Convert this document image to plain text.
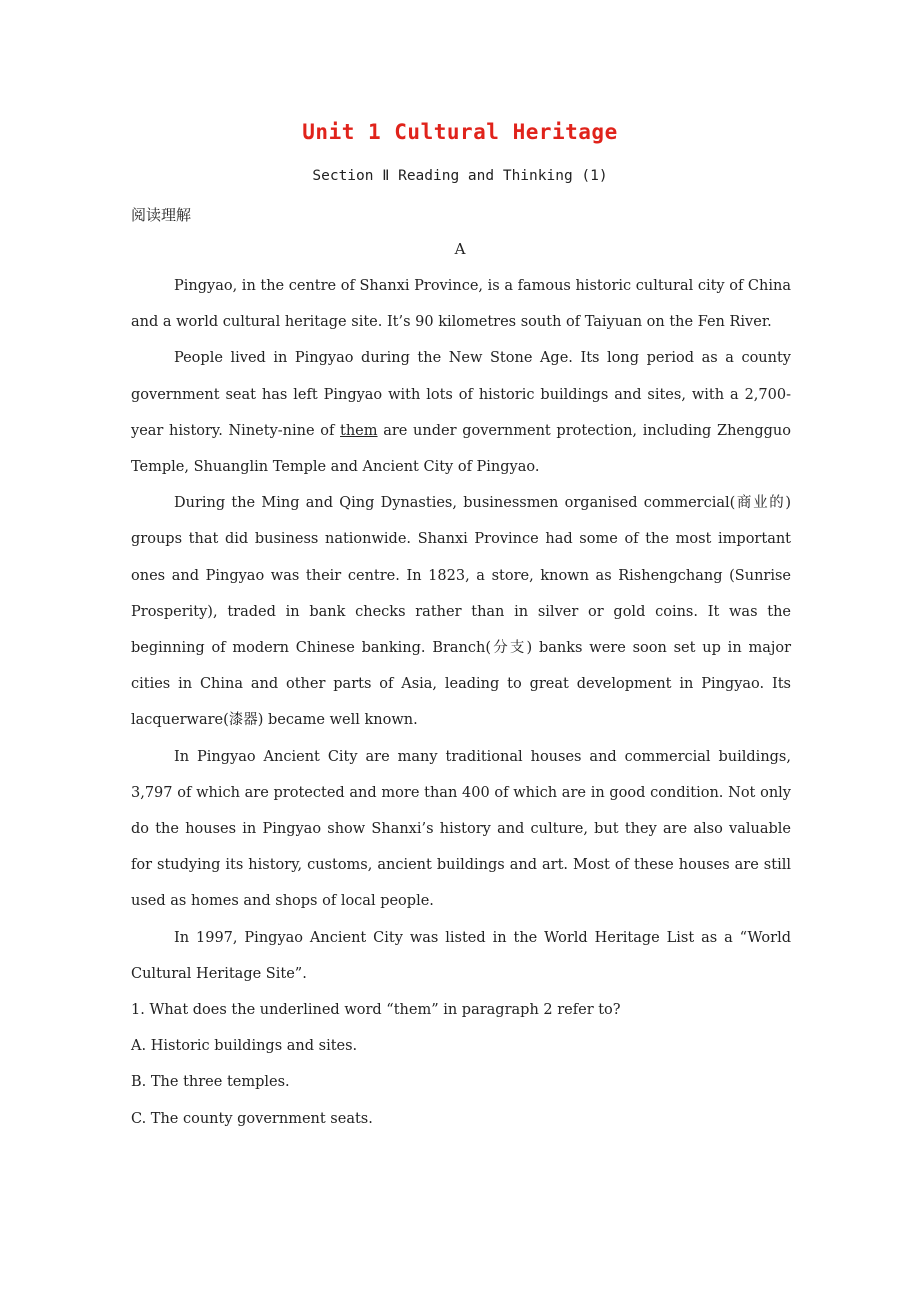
Unit 1 Cultural Heritage
Section Ⅱ Reading and Thinking (1)
阅读理解
A

Pingyao, in the centre of Shanxi Province, is a famous historic cultural city of China and a world cultural heritage site. It’s 90 kilometres south of Taiyuan on the Fen River.

People lived in Pingyao during the New Stone Age. Its long period as a county government seat has left Pingyao with lots of historic buildings and sites, with a 2,700-year history. Ninety-nine of them are under government protection, including Zhengguo Temple, Shuanglin Temple and Ancient City of Pingyao.

During the Ming and Qing Dynasties, businessmen organised commercial(商业的) groups that did business nationwide. Shanxi Province had some of the most important ones and Pingyao was their centre. In 1823, a store, known as Rishengchang (Sunrise Prosperity), traded in bank checks rather than in silver or gold coins. It was the beginning of modern Chinese banking. Branch(分支) banks were soon set up in major cities in China and other parts of Asia, leading to great development in Pingyao. Its lacquerware(漆器) became well known.

In Pingyao Ancient City are many traditional houses and commercial buildings, 3,797 of which are protected and more than 400 of which are in good condition. Not only do the houses in Pingyao show Shanxi’s history and culture, but they are also valuable for studying its history, customs, ancient buildings and art. Most of these houses are still used as homes and shops of local people.

In 1997, Pingyao Ancient City was listed in the World Heritage List as a “World Cultural Heritage Site”.

1. What does the underlined word “them” in paragraph 2 refer to?

A. Historic buildings and sites.

B. The three temples.

C. The county government seats.
